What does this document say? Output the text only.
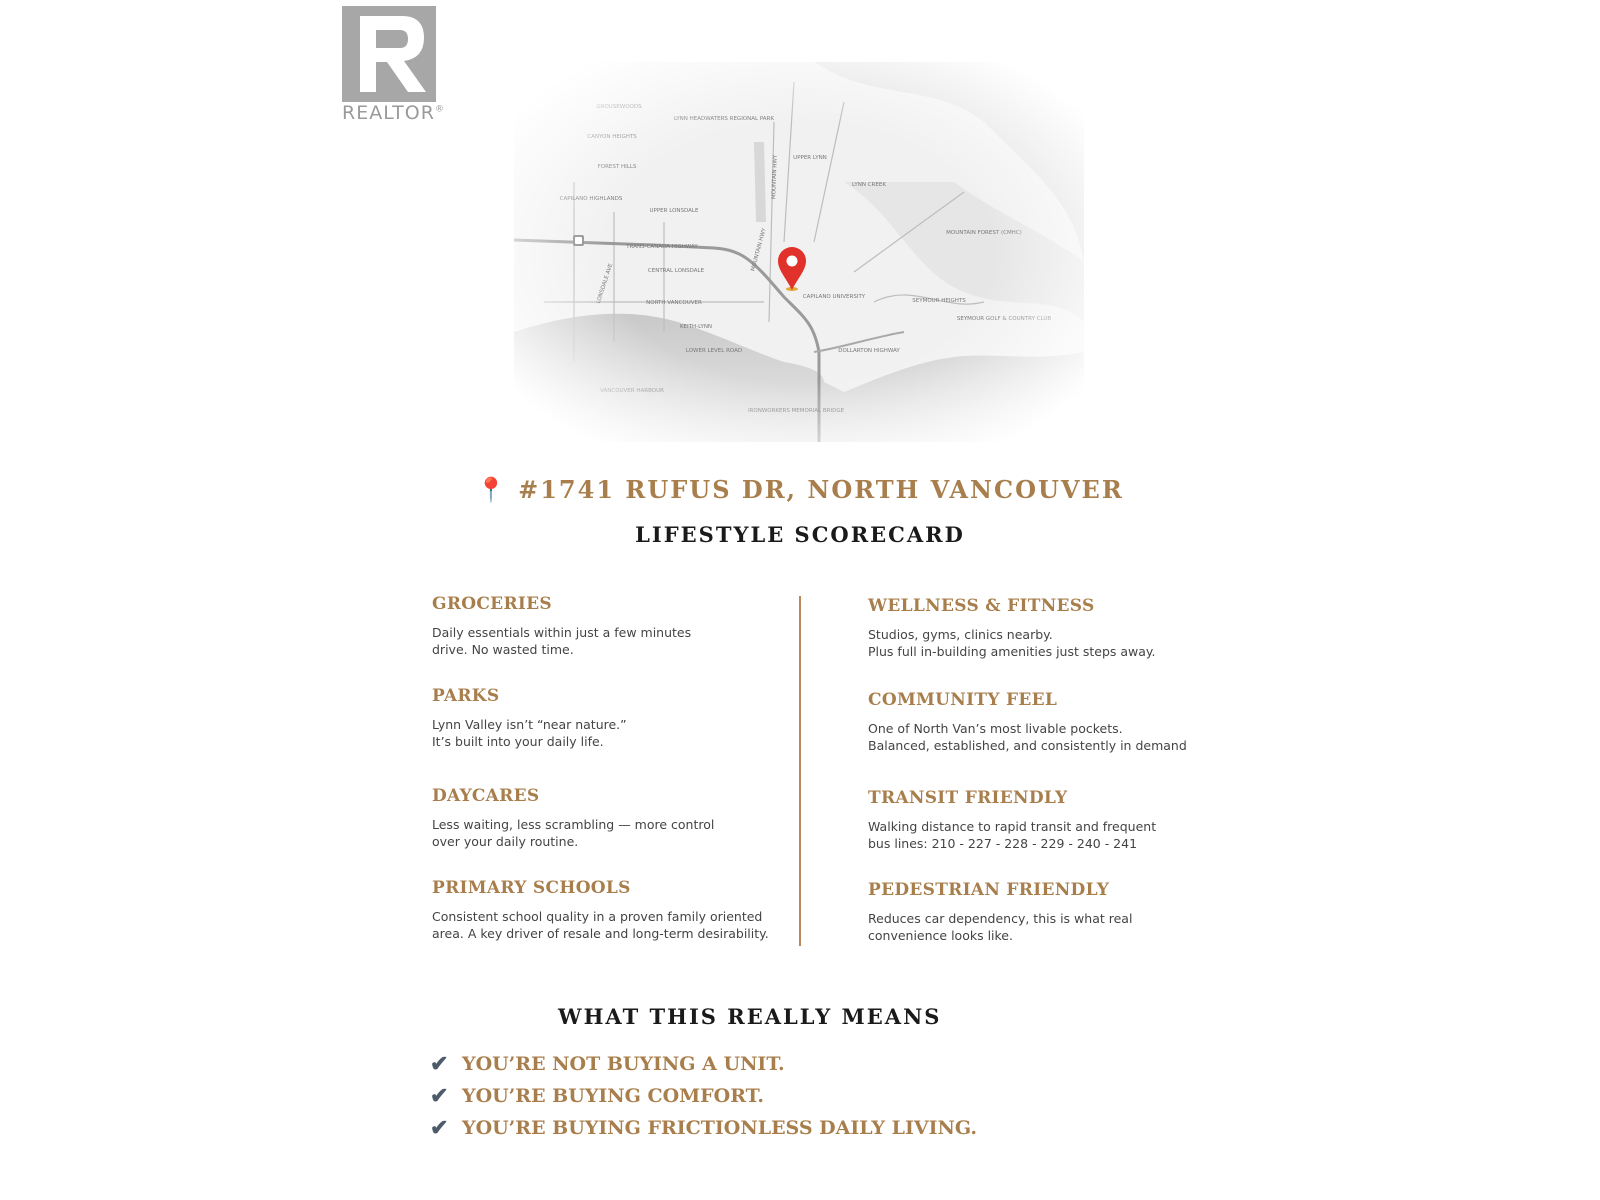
REALTOR®
📍 #1741 RUFUS DR, NORTH VANCOUVER
LIFESTYLE SCORECARD
GROCERIES

Daily essentials within just a few minutes
drive. No wasted time.

PARKS

Lynn Valley isn’t “near nature.”
It’s built into your daily life.

DAYCARES

Less waiting, less scrambling — more control
over your daily routine.

PRIMARY SCHOOLS

Consistent school quality in a proven family oriented
area. A key driver of resale and long-term desirability.

WELLNESS & FITNESS

Studios, gyms, clinics nearby.
Plus full in-building amenities just steps away.

COMMUNITY FEEL

One of North Van’s most livable pockets.
Balanced, established, and consistently in demand

TRANSIT FRIENDLY

Walking distance to rapid transit and frequent
bus lines: 210 - 227 - 228 - 229 - 240 - 241

PEDESTRIAN FRIENDLY

Reduces car dependency, this is what real
convenience looks like.

WHAT THIS REALLY MEANS
✔ YOU’RE NOT BUYING A UNIT.
✔ YOU’RE BUYING COMFORT.
✔ YOU’RE BUYING FRICTIONLESS DAILY LIVING.
